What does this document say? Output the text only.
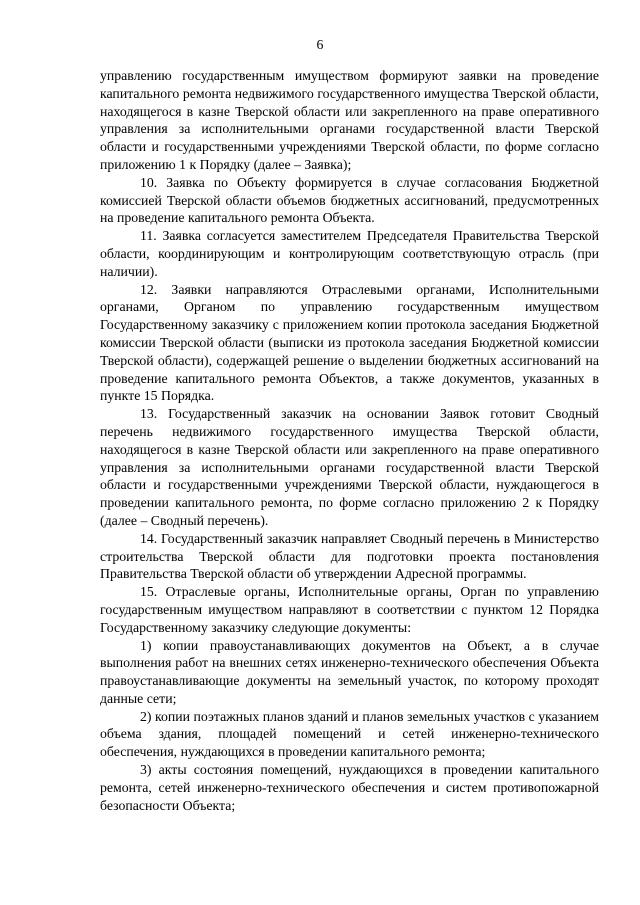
6

управлению государственным имуществом формируют заявки на проведение капитального ремонта недвижимого государственного имущества Тверской области, находящегося в казне Тверской области или закрепленного на праве оперативного управления за исполнительными органами государственной власти Тверской области и государственными учреждениями Тверской области, по форме согласно приложению 1 к Порядку (далее – Заявка);

10. Заявка по Объекту формируется в случае согласования Бюджетной комиссией Тверской области объемов бюджетных ассигнований, предусмотренных на проведение капитального ремонта Объекта.

11. Заявка согласуется заместителем Председателя Правительства Тверской области, координирующим и контролирующим соответствующую отрасль (при наличии).

12. Заявки направляются Отраслевыми органами, Исполнительными органами, Органом по управлению государственным имуществом Государственному заказчику с приложением копии протокола заседания Бюджетной комиссии Тверской области (выписки из протокола заседания Бюджетной комиссии Тверской области), содержащей решение о выделении бюджетных ассигнований на проведение капитального ремонта Объектов, а также документов, указанных в пункте 15 Порядка.

13. Государственный заказчик на основании Заявок готовит Сводный перечень недвижимого государственного имущества Тверской области, находящегося в казне Тверской области или закрепленного на праве оперативного управления за исполнительными органами государственной власти Тверской области и государственными учреждениями Тверской области, нуждающегося в проведении капитального ремонта, по форме согласно приложению 2 к Порядку (далее – Сводный перечень).

14. Государственный заказчик направляет Сводный перечень в Министерство строительства Тверской области для подготовки проекта постановления Правительства Тверской области об утверждении Адресной программы.

15. Отраслевые органы, Исполнительные органы, Орган по управлению государственным имуществом направляют в соответствии с пунктом 12 Порядка Государственному заказчику следующие документы:

1) копии правоустанавливающих документов на Объект, а в случае выполнения работ на внешних сетях инженерно-технического обеспечения Объекта правоустанавливающие документы на земельный участок, по которому проходят данные сети;

2) копии поэтажных планов зданий и планов земельных участков с указанием объема здания, площадей помещений и сетей инженерно-технического обеспечения, нуждающихся в проведении капитального ремонта;

3) акты состояния помещений, нуждающихся в проведении капитального ремонта, сетей инженерно-технического обеспечения и систем противопожарной безопасности Объекта;
